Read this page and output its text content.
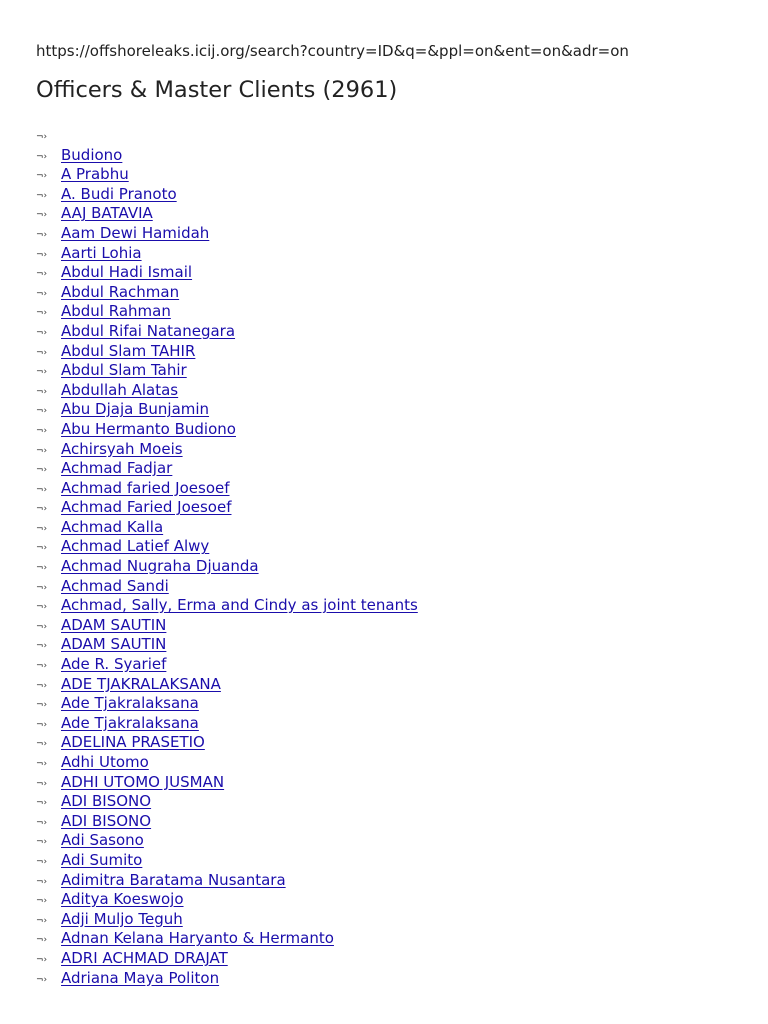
https://offshoreleaks.icij.org/search?country=ID&q=&ppl=on&ent=on&adr=on
Officers & Master Clients (2961)
¬›
¬› Budiono
¬› A Prabhu
¬› A. Budi Pranoto
¬› AAJ BATAVIA
¬› Aam Dewi Hamidah
¬› Aarti Lohia
¬› Abdul Hadi Ismail
¬› Abdul Rachman
¬› Abdul Rahman
¬› Abdul Rifai Natanegara
¬› Abdul Slam TAHIR
¬› Abdul Slam Tahir
¬› Abdullah Alatas
¬› Abu Djaja Bunjamin
¬› Abu Hermanto Budiono
¬› Achirsyah Moeis
¬› Achmad Fadjar
¬› Achmad faried Joesoef
¬› Achmad Faried Joesoef
¬› Achmad Kalla
¬› Achmad Latief Alwy
¬› Achmad Nugraha Djuanda
¬› Achmad Sandi
¬› Achmad, Sally, Erma and Cindy as joint tenants
¬› ADAM SAUTIN
¬› ADAM SAUTIN
¬› Ade R. Syarief
¬› ADE TJAKRALAKSANA
¬› Ade Tjakralaksana
¬› Ade Tjakralaksana
¬› ADELINA PRASETIO
¬› Adhi Utomo
¬› ADHI UTOMO JUSMAN
¬› ADI BISONO
¬› ADI BISONO
¬› Adi Sasono
¬› Adi Sumito
¬› Adimitra Baratama Nusantara
¬› Aditya Koeswojo
¬› Adji Muljo Teguh
¬› Adnan Kelana Haryanto & Hermanto
¬› ADRI ACHMAD DRAJAT
¬› Adriana Maya Politon
